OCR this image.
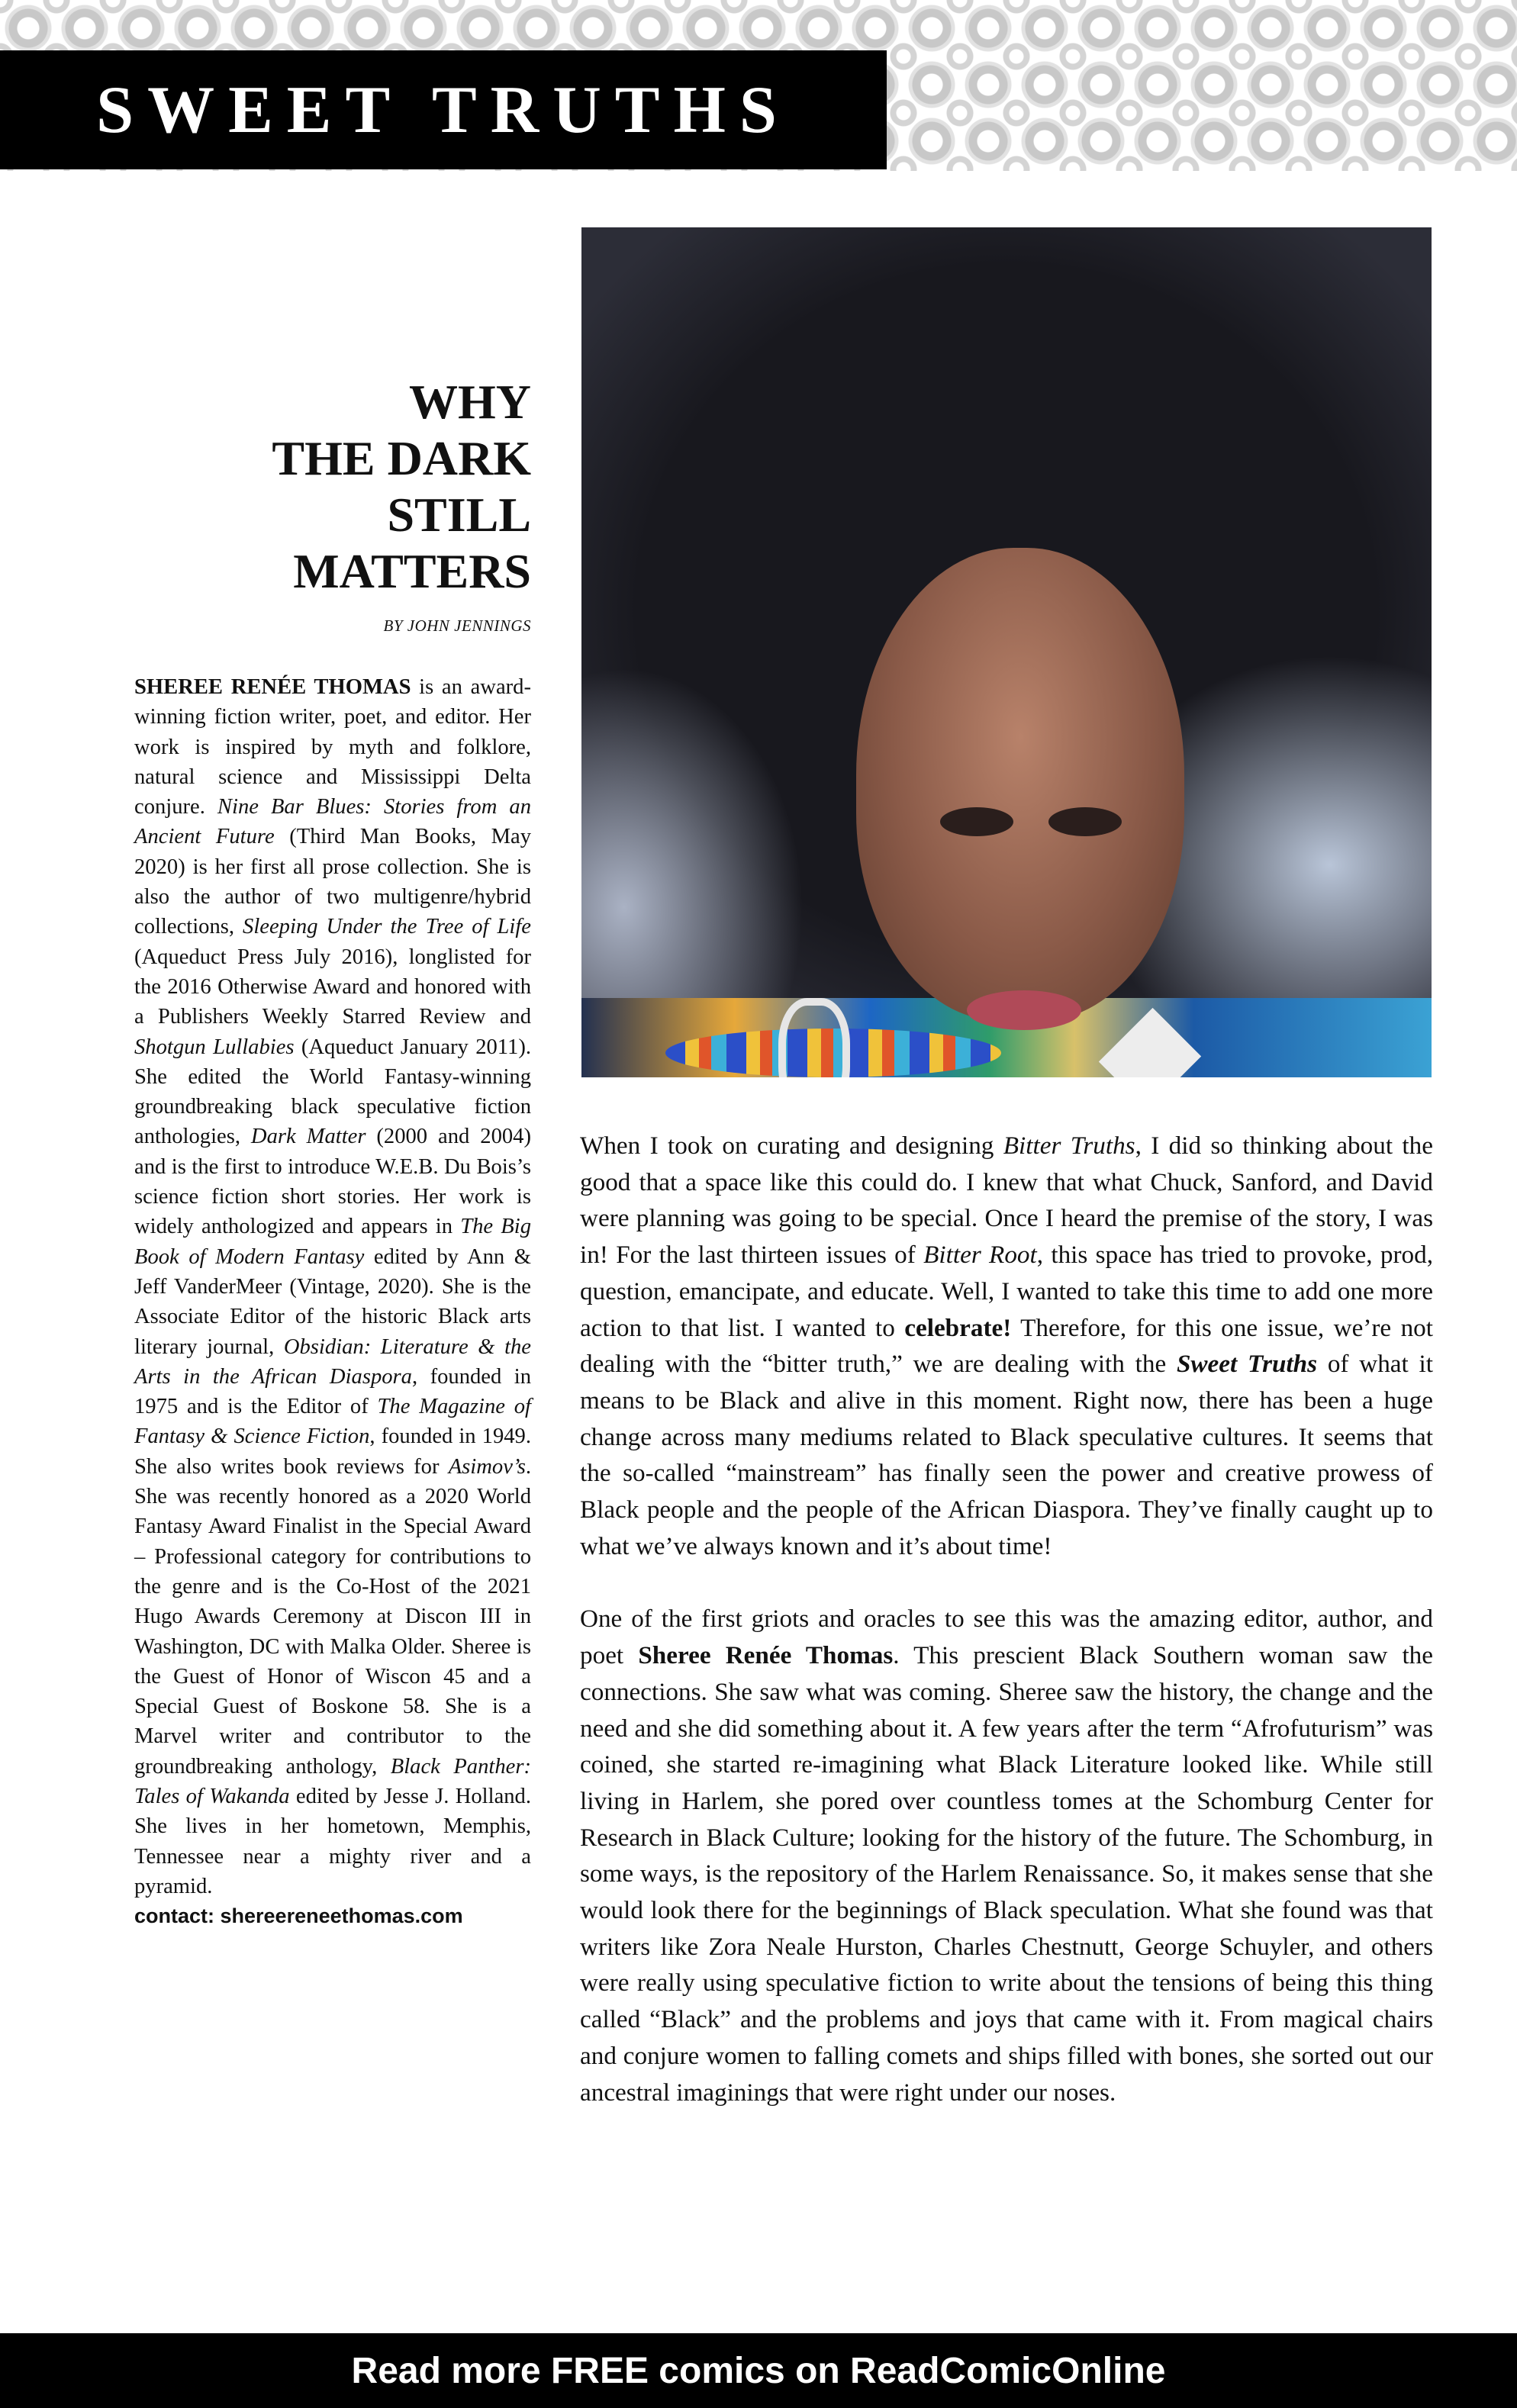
SWEET TRUTHS
WHY
THE DARK
STILL
MATTERS
BY JOHN JENNINGS
SHEREE RENÉE THOMAS is an award-winning fiction writer, poet, and editor. Her work is inspired by myth and folklore, natural science and Mississippi Delta conjure. Nine Bar Blues: Stories from an Ancient Future (Third Man Books, May 2020) is her first all prose collection. She is also the author of two multigenre/hybrid collections, Sleeping Under the Tree of Life (Aqueduct Press July 2016), longlisted for the 2016 Otherwise Award and honored with a Publishers Weekly Starred Review and Shotgun Lullabies (Aqueduct January 2011). She edited the World Fantasy-winning groundbreaking black speculative fiction anthologies, Dark Matter (2000 and 2004) and is the first to introduce W.E.B. Du Bois’s science fiction short stories. Her work is widely anthologized and appears in The Big Book of Modern Fantasy edited by Ann & Jeff VanderMeer (Vintage, 2020). She is the Associate Editor of the historic Black arts literary journal, Obsidian: Literature & the Arts in the African Diaspora, founded in 1975 and is the Editor of The Magazine of Fantasy & Science Fiction, founded in 1949. She also writes book reviews for Asimov’s. She was recently honored as a 2020 World Fantasy Award Finalist in the Special Award – Professional category for contributions to the genre and is the Co-Host of the 2021 Hugo Awards Ceremony at Discon III in Washington, DC with Malka Older. Sheree is the Guest of Honor of Wiscon 45 and a Special Guest of Boskone 58. She is a Marvel writer and contributor to the groundbreaking anthology, Black Panther: Tales of Wakanda edited by Jesse J. Holland. She lives in her hometown, Memphis, Tennessee near a mighty river and a pyramid.
contact: shereereneethomas.com

When I took on curating and designing Bitter Truths, I did so thinking about the good that a space like this could do. I knew that what Chuck, Sanford, and David were planning was going to be special. Once I heard the premise of the story, I was in! For the last thirteen issues of Bitter Root, this space has tried to provoke, prod, question, emancipate, and educate. Well, I wanted to take this time to add one more action to that list. I wanted to celebrate! Therefore, for this one issue, we’re not dealing with the “bitter truth,” we are dealing with the Sweet Truths of what it means to be Black and alive in this moment. Right now, there has been a huge change across many mediums related to Black speculative cultures. It seems that the so-called “mainstream” has finally seen the power and creative prowess of Black people and the people of the African Diaspora. They’ve finally caught up to what we’ve always known and it’s about time!

One of the first griots and oracles to see this was the amazing editor, author, and poet Sheree Renée Thomas. This prescient Black Southern woman saw the connections. She saw what was coming. Sheree saw the history, the change and the need and she did something about it. A few years after the term “Afrofuturism” was coined, she started re-imagining what Black Literature looked like. While still living in Harlem, she pored over countless tomes at the Schomburg Center for Research in Black Culture; looking for the history of the future. The Schomburg, in some ways, is the repository of the Harlem Renaissance. So, it makes sense that she would look there for the beginnings of Black speculation. What she found was that writers like Zora Neale Hurston, Charles Chestnutt, George Schuyler, and others were really using speculative fiction to write about the tensions of being this thing called “Black” and the problems and joys that came with it. From magical chairs and conjure women to falling comets and ships filled with bones, she sorted out our ancestral imaginings that were right under our noses.

Read more FREE comics on ReadComicOnline
